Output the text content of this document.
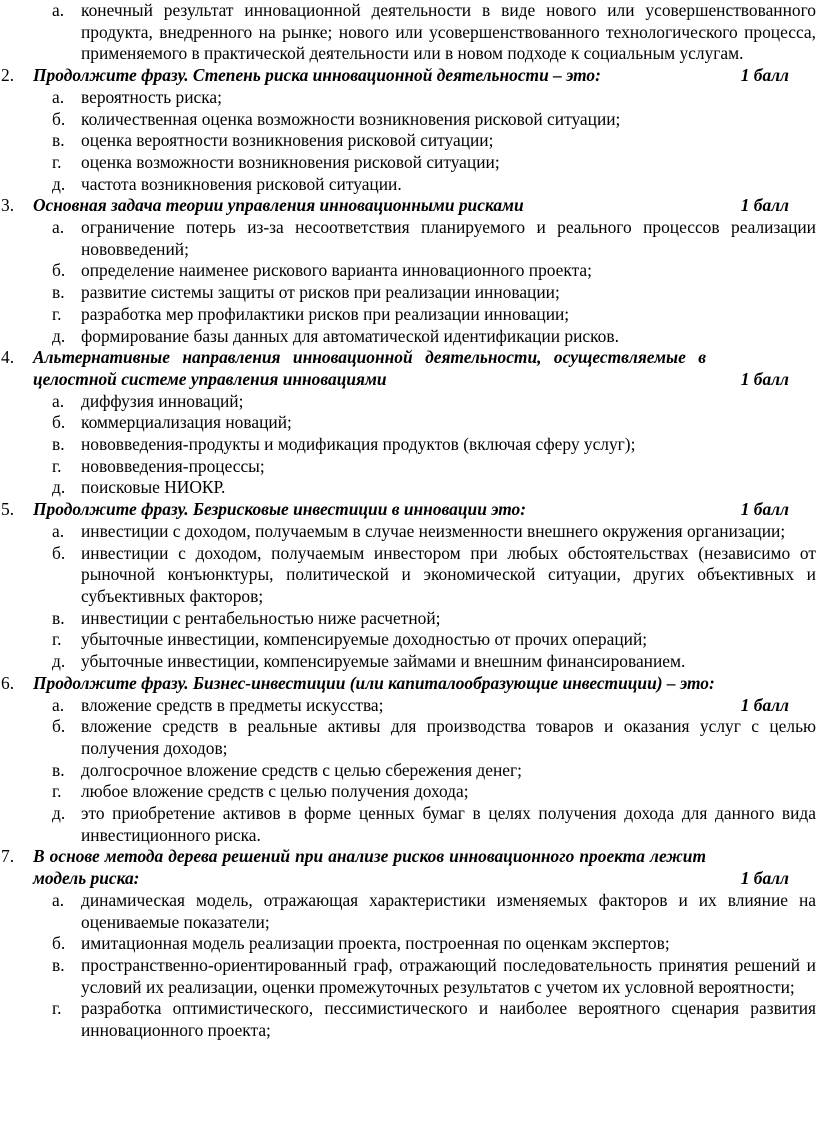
а. конечный результат инновационной деятельности в виде нового или усовершенствованного продукта, внедренного на рынке; нового или усовершенствованного технологического процесса, применяемого в практической деятельности или в новом подходе к социальным услугам.
2. Продолжите фразу. Степень риска инновационной деятельности – это:	1 балл
а. вероятность риска;
б. количественная оценка возможности возникновения рисковой ситуации;
в. оценка вероятности возникновения рисковой ситуации;
г. оценка возможности возникновения рисковой ситуации;
д. частота возникновения рисковой ситуации.
3. Основная задача теории управления инновационными рисками	1 балл
а. ограничение потерь из-за несоответствия планируемого и реального процессов реализации нововведений;
б. определение наименее рискового варианта инновационного проекта;
в. развитие системы защиты от рисков при реализации инновации;
г. разработка мер профилактики рисков при реализации инновации;
д. формирование базы данных для автоматической идентификации рисков.
4. Альтернативные направления инновационной деятельности, осуществляемые в целостной системе управления инновациями	1 балл
а. диффузия инноваций;
б. коммерциализация новаций;
в. нововведения-продукты и модификация продуктов (включая сферу услуг);
г. нововведения-процессы;
д. поисковые НИОКР.
5. Продолжите фразу. Безрисковые инвестиции в инновации это:	1 балл
а. инвестиции с доходом, получаемым в случае неизменности внешнего окружения организации;
б. инвестиции с доходом, получаемым инвестором при любых обстоятельствах (независимо от рыночной конъюнктуры, политической и экономической ситуации, других объективных и субъективных факторов;
в. инвестиции с рентабельностью ниже расчетной;
г. убыточные инвестиции, компенсируемые доходностью от прочих операций;
д. убыточные инвестиции, компенсируемые займами и внешним финансированием.
6. Продолжите фразу. Бизнес-инвестиции (или капиталообразующие инвестиции) – это:
а. вложение средств в предметы искусства;	1 балл
б. вложение средств в реальные активы для производства товаров и оказания услуг с целью получения доходов;
в. долгосрочное вложение средств с целью сбережения денег;
г. любое вложение средств с целью получения дохода;
д. это приобретение активов в форме ценных бумаг в целях получения дохода для данного вида инвестиционного риска.
7. В основе метода дерева решений при анализе рисков инновационного проекта лежит модель риска:	1 балл
а. динамическая модель, отражающая характеристики изменяемых факторов и их влияние на оцениваемые показатели;
б. имитационная модель реализации проекта, построенная по оценкам экспертов;
в. пространственно-ориентированный граф, отражающий последовательность принятия решений и условий их реализации, оценки промежуточных результатов с учетом их условной вероятности;
г. разработка оптимистического, пессимистического и наиболее вероятного сценария развития инновационного проекта;
